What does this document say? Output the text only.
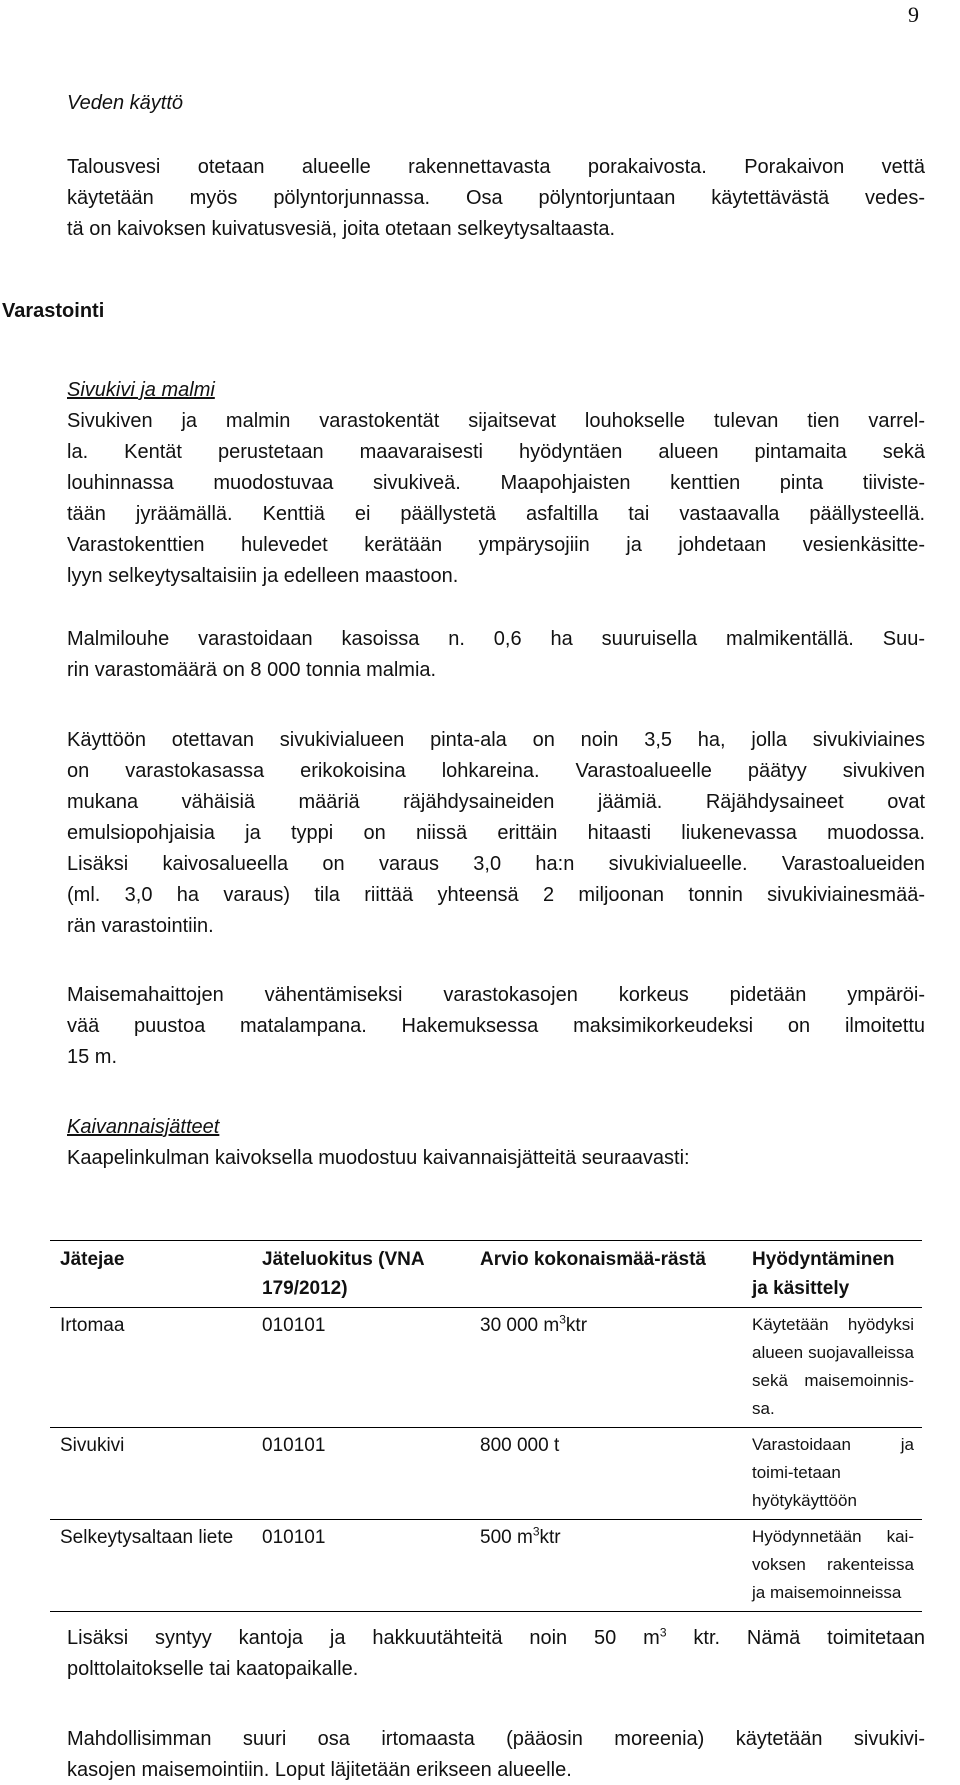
9
Veden käyttö
Talousvesi otetaan alueelle rakennettavasta porakaivosta. Porakaivon vettä
käytetään myös pölyntorjunnassa. Osa pölyntorjuntaan käytettävästä vedes-
tä on kaivoksen kuivatusvesiä, joita otetaan selkeytysaltaasta.
Varastointi
Sivukivi ja malmi
Sivukiven ja malmin varastokentät sijaitsevat louhokselle tulevan tien varrel-
la. Kentät perustetaan maavaraisesti hyödyntäen alueen pintamaita sekä
louhinnassa muodostuvaa sivukiveä. Maapohjaisten kenttien pinta tiiviste-
tään jyräämällä. Kenttiä ei päällystetä asfaltilla tai vastaavalla päällysteellä.
Varastokenttien hulevedet kerätään ympärysojiin ja johdetaan vesienkäsitte-
lyyn selkeytysaltaisiin ja edelleen maastoon.
Malmilouhe varastoidaan kasoissa n. 0,6 ha suuruisella malmikentällä. Suu-
rin varastomäärä on 8 000 tonnia malmia.
Käyttöön otettavan sivukivialueen pinta-ala on noin 3,5 ha, jolla sivukiviaines
on varastokasassa erikokoisina lohkareina. Varastoalueelle päätyy sivukiven
mukana vähäisiä määriä räjähdysaineiden jäämiä. Räjähdysaineet ovat
emulsiopohjaisia ja typpi on niissä erittäin hitaasti liukenevassa muodossa.
Lisäksi kaivosalueella on varaus 3,0 ha:n sivukivialueelle. Varastoalueiden
(ml. 3,0 ha varaus) tila riittää yhteensä 2 miljoonan tonnin sivukiviainesmää-
rän varastointiin.
Maisemahaittojen vähentämiseksi varastokasojen korkeus pidetään ympäröi-
vää puustoa matalampana. Hakemuksessa maksimikorkeudeksi on ilmoitettu
15 m.
Kaivannaisjätteet
Kaapelinkulman kaivoksella muodostuu kaivannaisjätteitä seuraavasti:
Jätejae	Jäteluokitus (VNA 179/2012)	Arvio kokonaismää-rästä	Hyödyntäminen ja käsittely
Irtomaa	010101	30 000 $m^3ktr$	Käytetään hyödyksi alueen suojavalleissa sekä maisemoinnis-sa.
Sivukivi	010101	800 000 t	Varastoidaan ja toimi-tetaan hyötykäyttöön
Selkeytysaltaan liete	010101	500 $m^3ktr$	Hyödynnetään kai-voksen rakenteissa ja maisemoinneissa
Lisäksi syntyy kantoja ja hakkuutähteitä noin 50 $m^3$ ktr. Nämä toimitetaan
polttolaitokselle tai kaatopaikalle.
Mahdollisimman suuri osa irtomaasta (pääosin moreenia) käytetään sivukivi-
kasojen maisemointiin. Loput läjitetään erikseen alueelle.
